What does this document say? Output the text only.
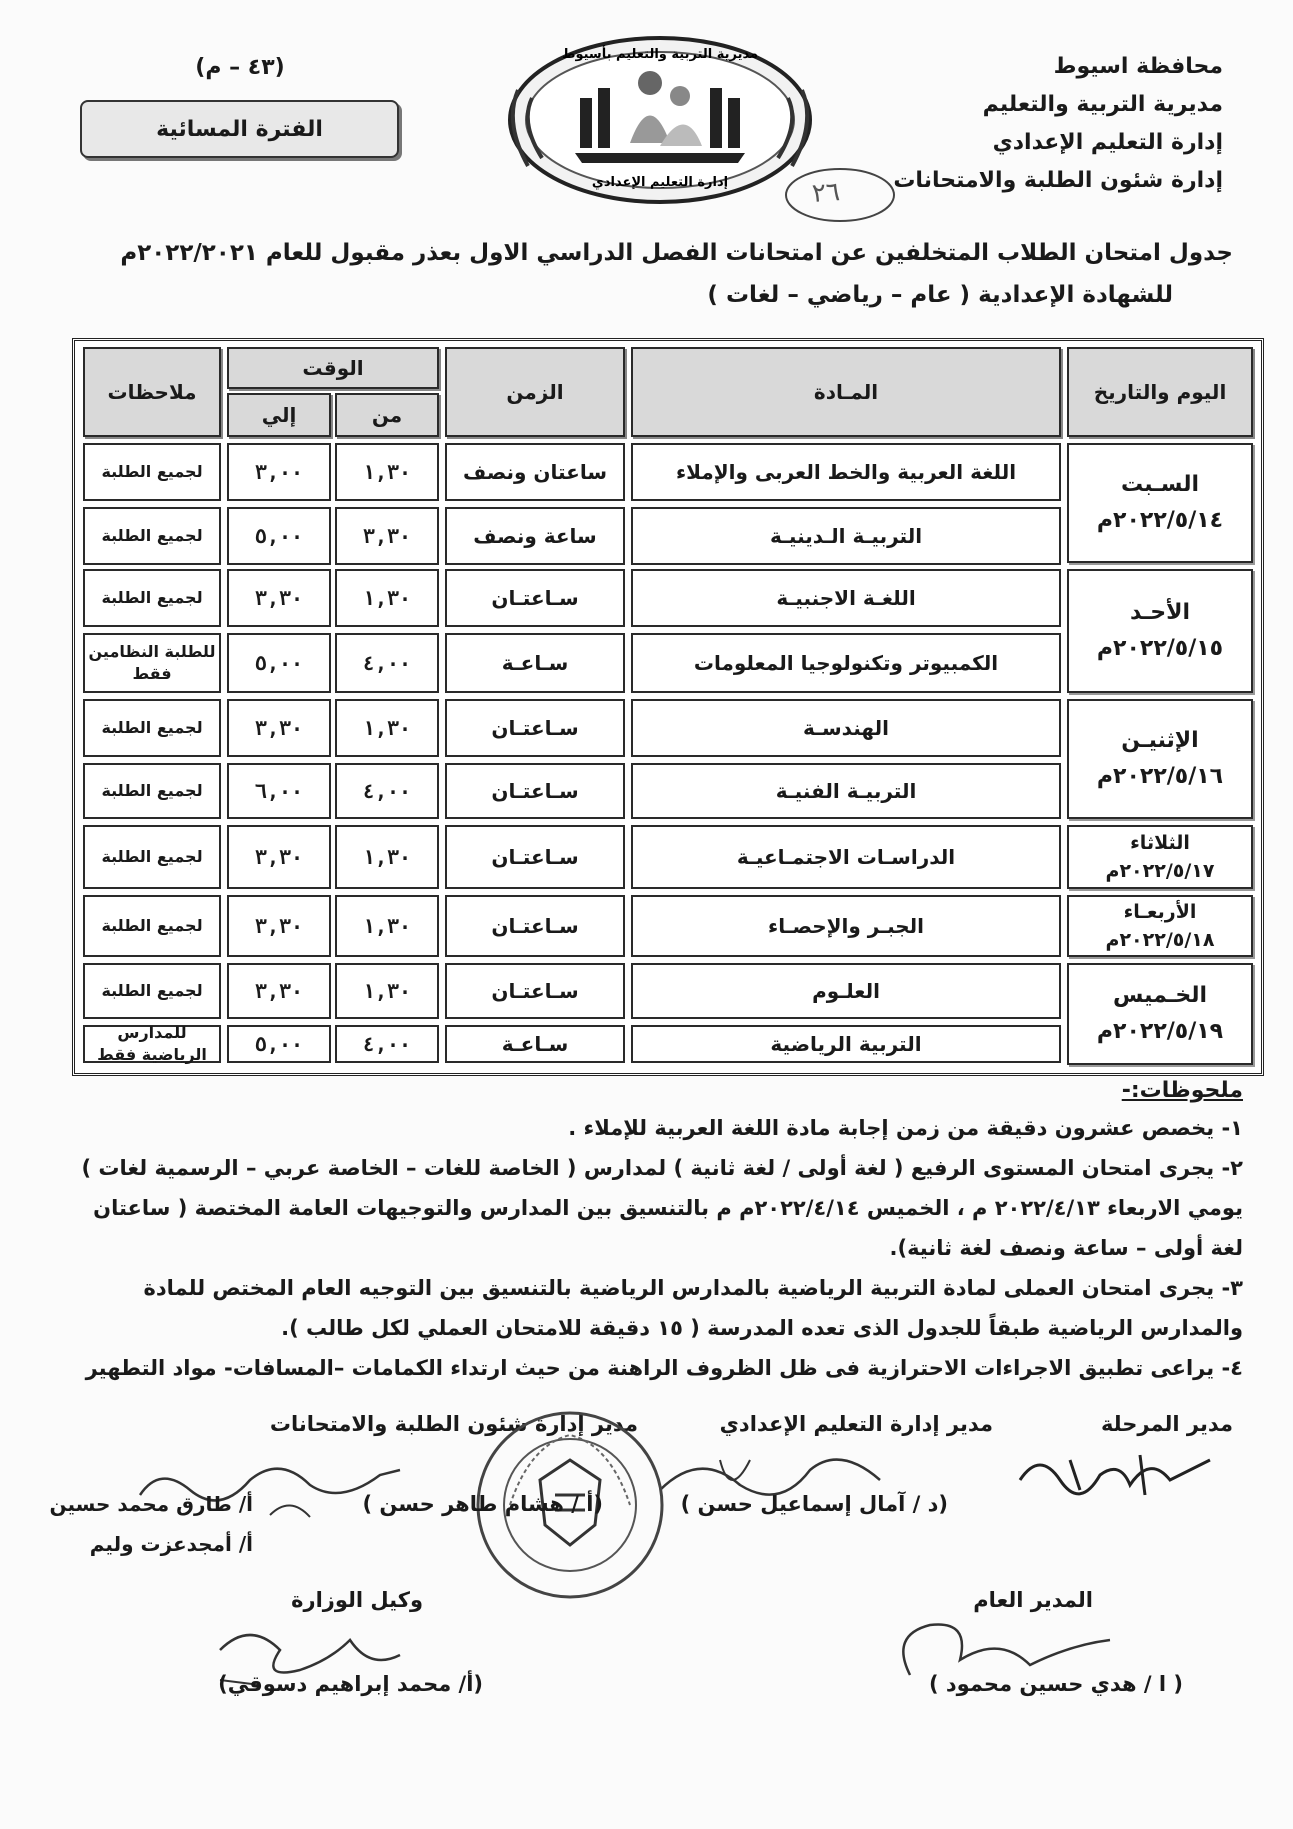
محافظة اسيوط
مديرية التربية والتعليم
إدارة التعليم الإعدادي
إدارة شئون الطلبة والامتحانات
مديرية التربية والتعليم بأسيوط
إدارة التعليم الإعدادي
(٤٣ – م)
الفترة المسائية
٢٦
جدول امتحان الطلاب المتخلفين عن امتحانات الفصل الدراسي الاول بعذر مقبول للعام ٢٠٢٢/٢٠٢١م
للشهادة الإعدادية ( عام – رياضي – لغات )
اليوم والتاريخ
المـادة
الزمن
الوقت
من
إلي
ملاحظات
السـبت
٢٠٢٢/٥/١٤م
الأحـد
٢٠٢٢/٥/١٥م
الإثنيـن
٢٠٢٢/٥/١٦م
الثلاثاء
٢٠٢٢/٥/١٧م
الأربعـاء
٢٠٢٢/٥/١٨م
الخـميس
٢٠٢٢/٥/١٩م
اللغة العربية والخط العربى والإملاء
ساعتان ونصف
١,٣٠
٣,٠٠
لجميع الطلبة
التربيـة الـدينيـة
ساعة ونصف
٣,٣٠
٥,٠٠
لجميع الطلبة
اللغـة الاجنبيـة
سـاعتـان
١,٣٠
٣,٣٠
لجميع الطلبة
الكمبيوتر وتكنولوجيا المعلومات
سـاعـة
٤,٠٠
٥,٠٠
للطلبة النظامين فقط
الهندسـة
سـاعتـان
١,٣٠
٣,٣٠
لجميع الطلبة
التربيـة الفنيـة
سـاعتـان
٤,٠٠
٦,٠٠
لجميع الطلبة
الدراسـات الاجتمـاعيـة
سـاعتـان
١,٣٠
٣,٣٠
لجميع الطلبة
الجبـر والإحصـاء
سـاعتـان
١,٣٠
٣,٣٠
لجميع الطلبة
العلـوم
سـاعتـان
١,٣٠
٣,٣٠
لجميع الطلبة
التربية الرياضية
سـاعـة
٤,٠٠
٥,٠٠
للمدارس الرياضية فقط
ملحوظات:-

١- يخصص عشرون دقيقة من زمن إجابة مادة اللغة العربية للإملاء .

٢- يجرى امتحان المستوى الرفيع ( لغة أولى / لغة ثانية ) لمدارس ( الخاصة للغات – الخاصة عربي – الرسمية لغات ) يومي الاربعاء ٢٠٢٢/٤/١٣ م ، الخميس ٢٠٢٢/٤/١٤م م بالتنسيق بين المدارس والتوجيهات العامة المختصة ( ساعتان لغة أولى – ساعة ونصف لغة ثانية).

٣- يجرى امتحان العملى لمادة التربية الرياضية بالمدارس الرياضية بالتنسيق بين التوجيه العام المختص للمادة والمدارس الرياضية طبقاً للجدول الذى تعده المدرسة ( ١٥ دقيقة للامتحان العملي لكل طالب ).

٤- يراعى تطبيق الاجراءات الاحترازية فى ظل الظروف الراهنة من حيث ارتداء الكمامات –المسافات- مواد التطهير

مدير المرحلة
مدير إدارة التعليم الإعدادي
مدير إدارة شئون الطلبة والامتحانات
أ/ طارق محمد حسين
أ/ أمجدعزت وليم
(د / آمال إسماعيل حسن )
(أ / هشام طاهر حسن )
المدير العام
وكيل الوزارة
( ا / هدي حسين محمود )
(أ/ محمد إبراهيم دسوقي)
